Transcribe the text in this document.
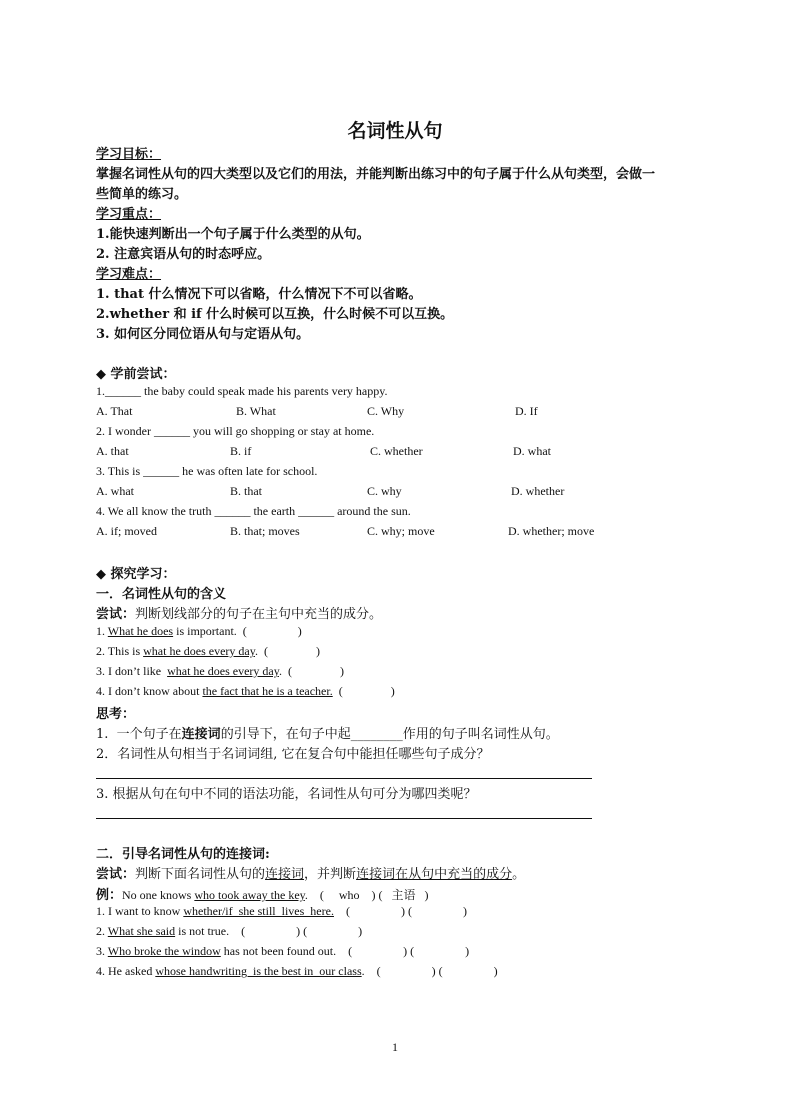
名词性从句
学习目标：
掌握名词性从句的四大类型以及它们的用法，并能判断出练习中的句子属于什么从句类型，会做一
些简单的练习。
学习重点：
1.能快速判断出一个句子属于什么类型的从句。
2. 注意宾语从句的时态呼应。
学习难点：
1. that 什么情况下可以省略，什么情况下不可以省略。
2.whether 和 if 什么时候可以互换，什么时候不可以互换。
3. 如何区分同位语从句与定语从句。
◆ 学前尝试：
1.______ the baby could speak made his parents very happy.
A. That	B. What	C. Why	D. If
2. I wonder ______ you will go shopping or stay at home.
A. that	B. if	C. whether	D. what
3. This is ______ he was often late for school.
A. what	B. that	C. why	D. whether
4. We all know the truth ______ the earth ______ around the sun.
A. if; moved	B. that; moves	C. why; move	D. whether; move
◆ 探究学习：
一．名词性从句的含义
尝试：判断划线部分的句子在主句中充当的成分。
1. What he does is important.  (                 )
2. This is what he does every day.  (                )
3. I don’t like  what he does every day.  (                )
4. I don’t know about the fact that he is a teacher.  (                )
思考：
1.  一个句子在连接词的引导下，在句子中起________作用的句子叫名词性从句。
2．名词性从句相当于名词词组, 它在复合句中能担任哪些句子成分？
3. 根据从句在句中不同的语法功能，名词性从句可分为哪四类呢？
二．引导名词性从句的连接词:
尝试：判断下面名词性从句的连接词，并判断连接词在从句中充当的成分。
例：No one knows who took away the key.    (     who    ) (   主语   )
1. I want to know whether/if  she still  lives  here.    (                 ) (                 )
2. What she said is not true.    (                 ) (                 )
3. Who broke the window has not been found out.    (                 ) (                 )
4. He asked whose handwriting  is the best in  our class.    (                 ) (                 )
1
